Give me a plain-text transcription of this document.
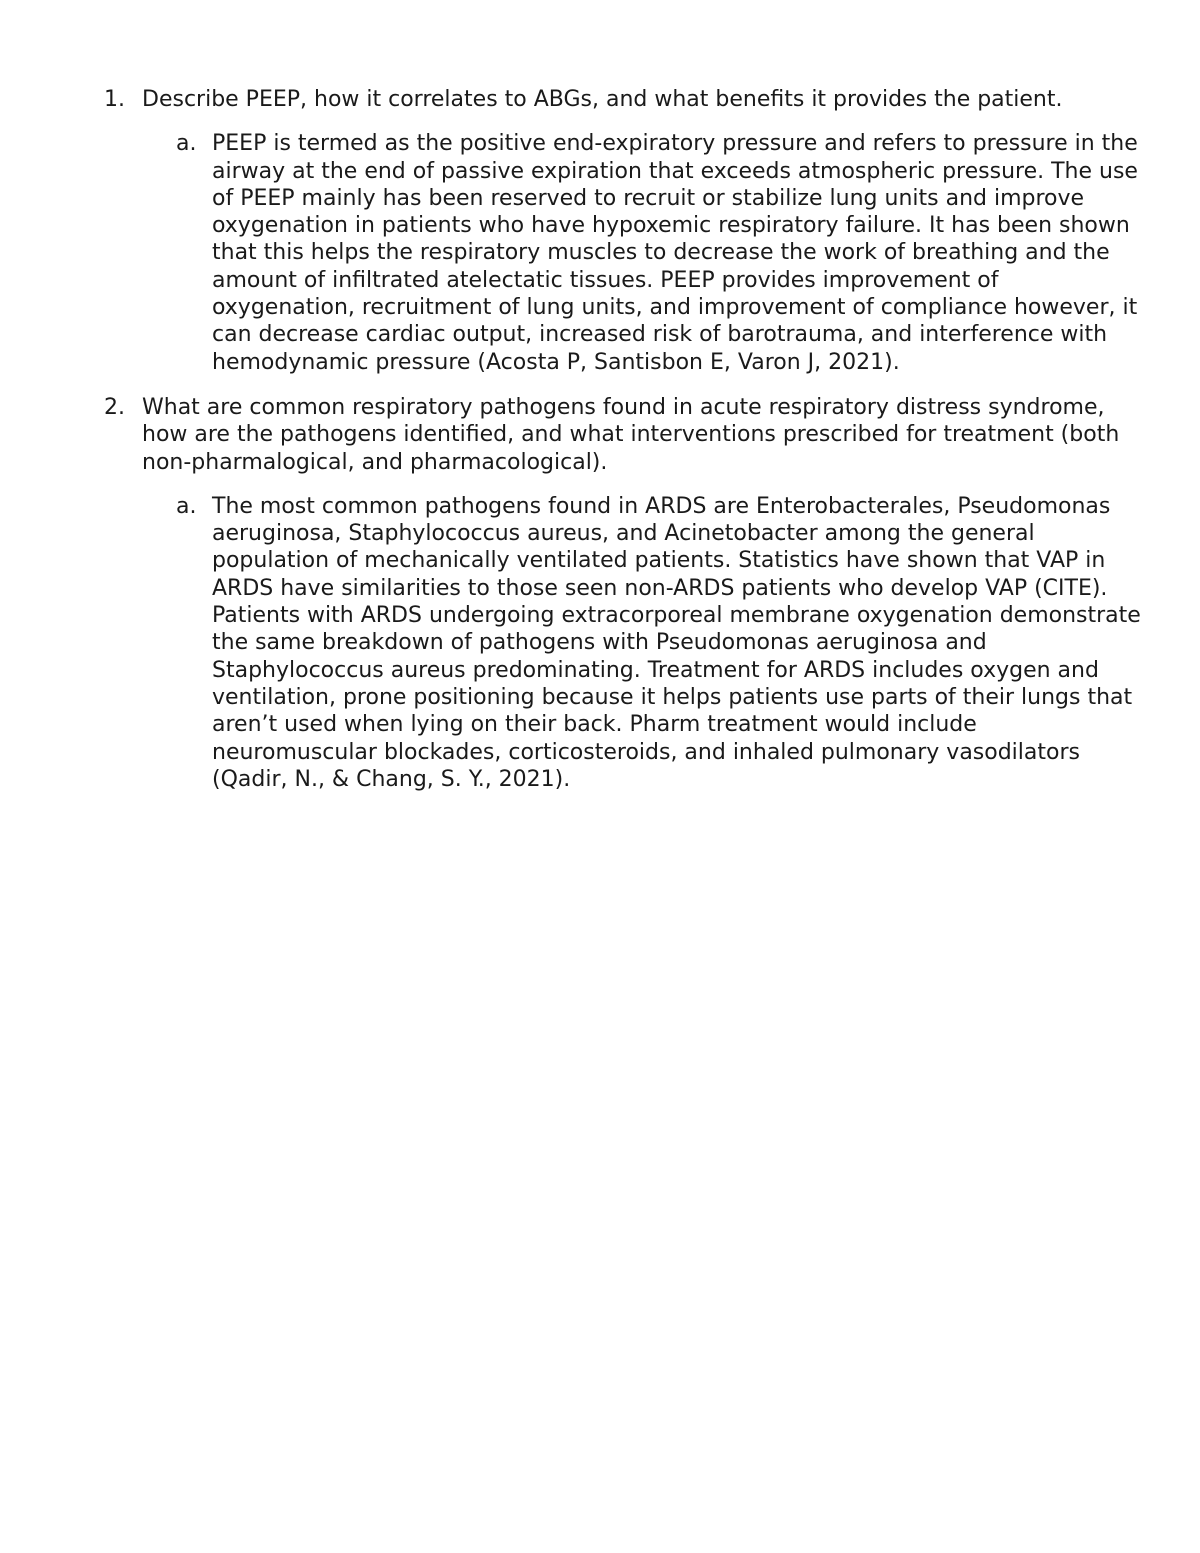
1. Describe PEEP, how it correlates to ABGs, and what benefits it provides the patient.
a. PEEP is termed as the positive end-expiratory pressure and refers to pressure in the airway at the end of passive expiration that exceeds atmospheric pressure. The use of PEEP mainly has been reserved to recruit or stabilize lung units and improve oxygenation in patients who have hypoxemic respiratory failure. It has been shown that this helps the respiratory muscles to decrease the work of breathing and the amount of infiltrated atelectatic tissues. PEEP provides improvement of oxygenation, recruitment of lung units, and improvement of compliance however, it can decrease cardiac output, increased risk of barotrauma, and interference with hemodynamic pressure (Acosta P, Santisbon E, Varon J, 2021).
2. What are common respiratory pathogens found in acute respiratory distress syndrome, how are the pathogens identified, and what interventions prescribed for treatment (both non-pharmalogical, and pharmacological).
a. The most common pathogens found in ARDS are Enterobacterales, Pseudomonas aeruginosa, Staphylococcus aureus, and Acinetobacter among the general population of mechanically ventilated patients. Statistics have shown that VAP in ARDS have similarities to those seen non-ARDS patients who develop VAP (CITE). Patients with ARDS undergoing extracorporeal membrane oxygenation demonstrate the same breakdown of pathogens with Pseudomonas aeruginosa and Staphylococcus aureus predominating. Treatment for ARDS includes oxygen and ventilation, prone positioning because it helps patients use parts of their lungs that aren’t used when lying on their back. Pharm treatment would include neuromuscular blockades, corticosteroids, and inhaled pulmonary vasodilators (Qadir, N., & Chang, S. Y., 2021).
